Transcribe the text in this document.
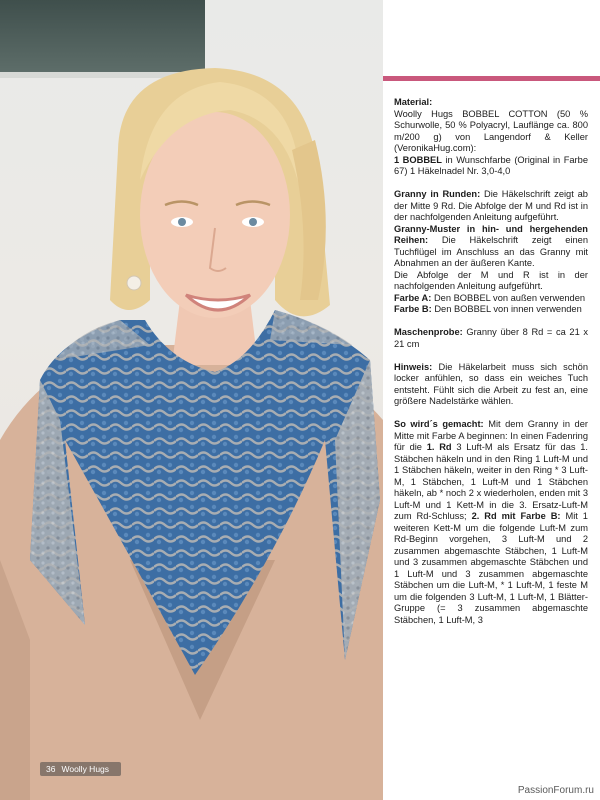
Material:

Woolly Hugs BOBBEL COTTON (50 % Schurwolle, 50 % Polyacryl, Lauflänge ca. 800 m/200 g) von Langendorf & Keller (VeronikaHug.com):

1 BOBBEL in Wunschfarbe (Original in Farbe 67) 1 Häkelnadel Nr. 3,0-4,0

Granny in Runden: Die Häkelschrift zeigt ab der Mitte 9 Rd. Die Abfolge der M und Rd ist in der nachfolgenden Anleitung aufgeführt.

Granny-Muster in hin- und hergehenden Reihen: Die Häkelschrift zeigt einen Tuchflügel im Anschluss an das Granny mit Abnahmen an der äußeren Kante.

Die Abfolge der M und R ist in der nachfolgenden Anleitung aufgeführt.

Farbe A: Den BOBBEL von außen verwenden

Farbe B: Den BOBBEL von innen verwenden

Maschenprobe: Granny über 8 Rd = ca 21 x 21 cm

Hinweis: Die Häkelarbeit muss sich schön locker anfühlen, so dass ein weiches Tuch entsteht. Fühlt sich die Arbeit zu fest an, eine größere Nadelstärke wählen.

So wird´s gemacht: Mit dem Granny in der Mitte mit Farbe A beginnen: In einen Fadenring für die 1. Rd 3 Luft-M als Ersatz für das 1. Stäbchen häkeln und in den Ring 1 Luft-M und 1 Stäbchen häkeln, weiter in den Ring * 3 Luft-M, 1 Stäbchen, 1 Luft-M und 1 Stäbchen häkeln, ab * noch 2 x wiederholen, enden mit 3 Luft-M und 1 Kett-M in die 3. Ersatz-Luft-M zum Rd-Schluss; 2. Rd mit Farbe B: Mit 1 weiteren Kett-M um die folgende Luft-M zum Rd-Beginn vorgehen, 3 Luft-M und 2 zusammen abgemaschte Stäbchen, 1 Luft-M und 3 zusammen abgemaschte Stäbchen und 1 Luft-M und 3 zusammen abgemaschte Stäbchen um die Luft-M, * 1 Luft-M, 1 feste M um die folgenden 3 Luft-M, 1 Luft-M, 1 Blätter-Gruppe (= 3 zusammen abgemaschte Stäbchen, 1 Luft-M, 3

36 Woolly Hugs
PassionForum.ru
